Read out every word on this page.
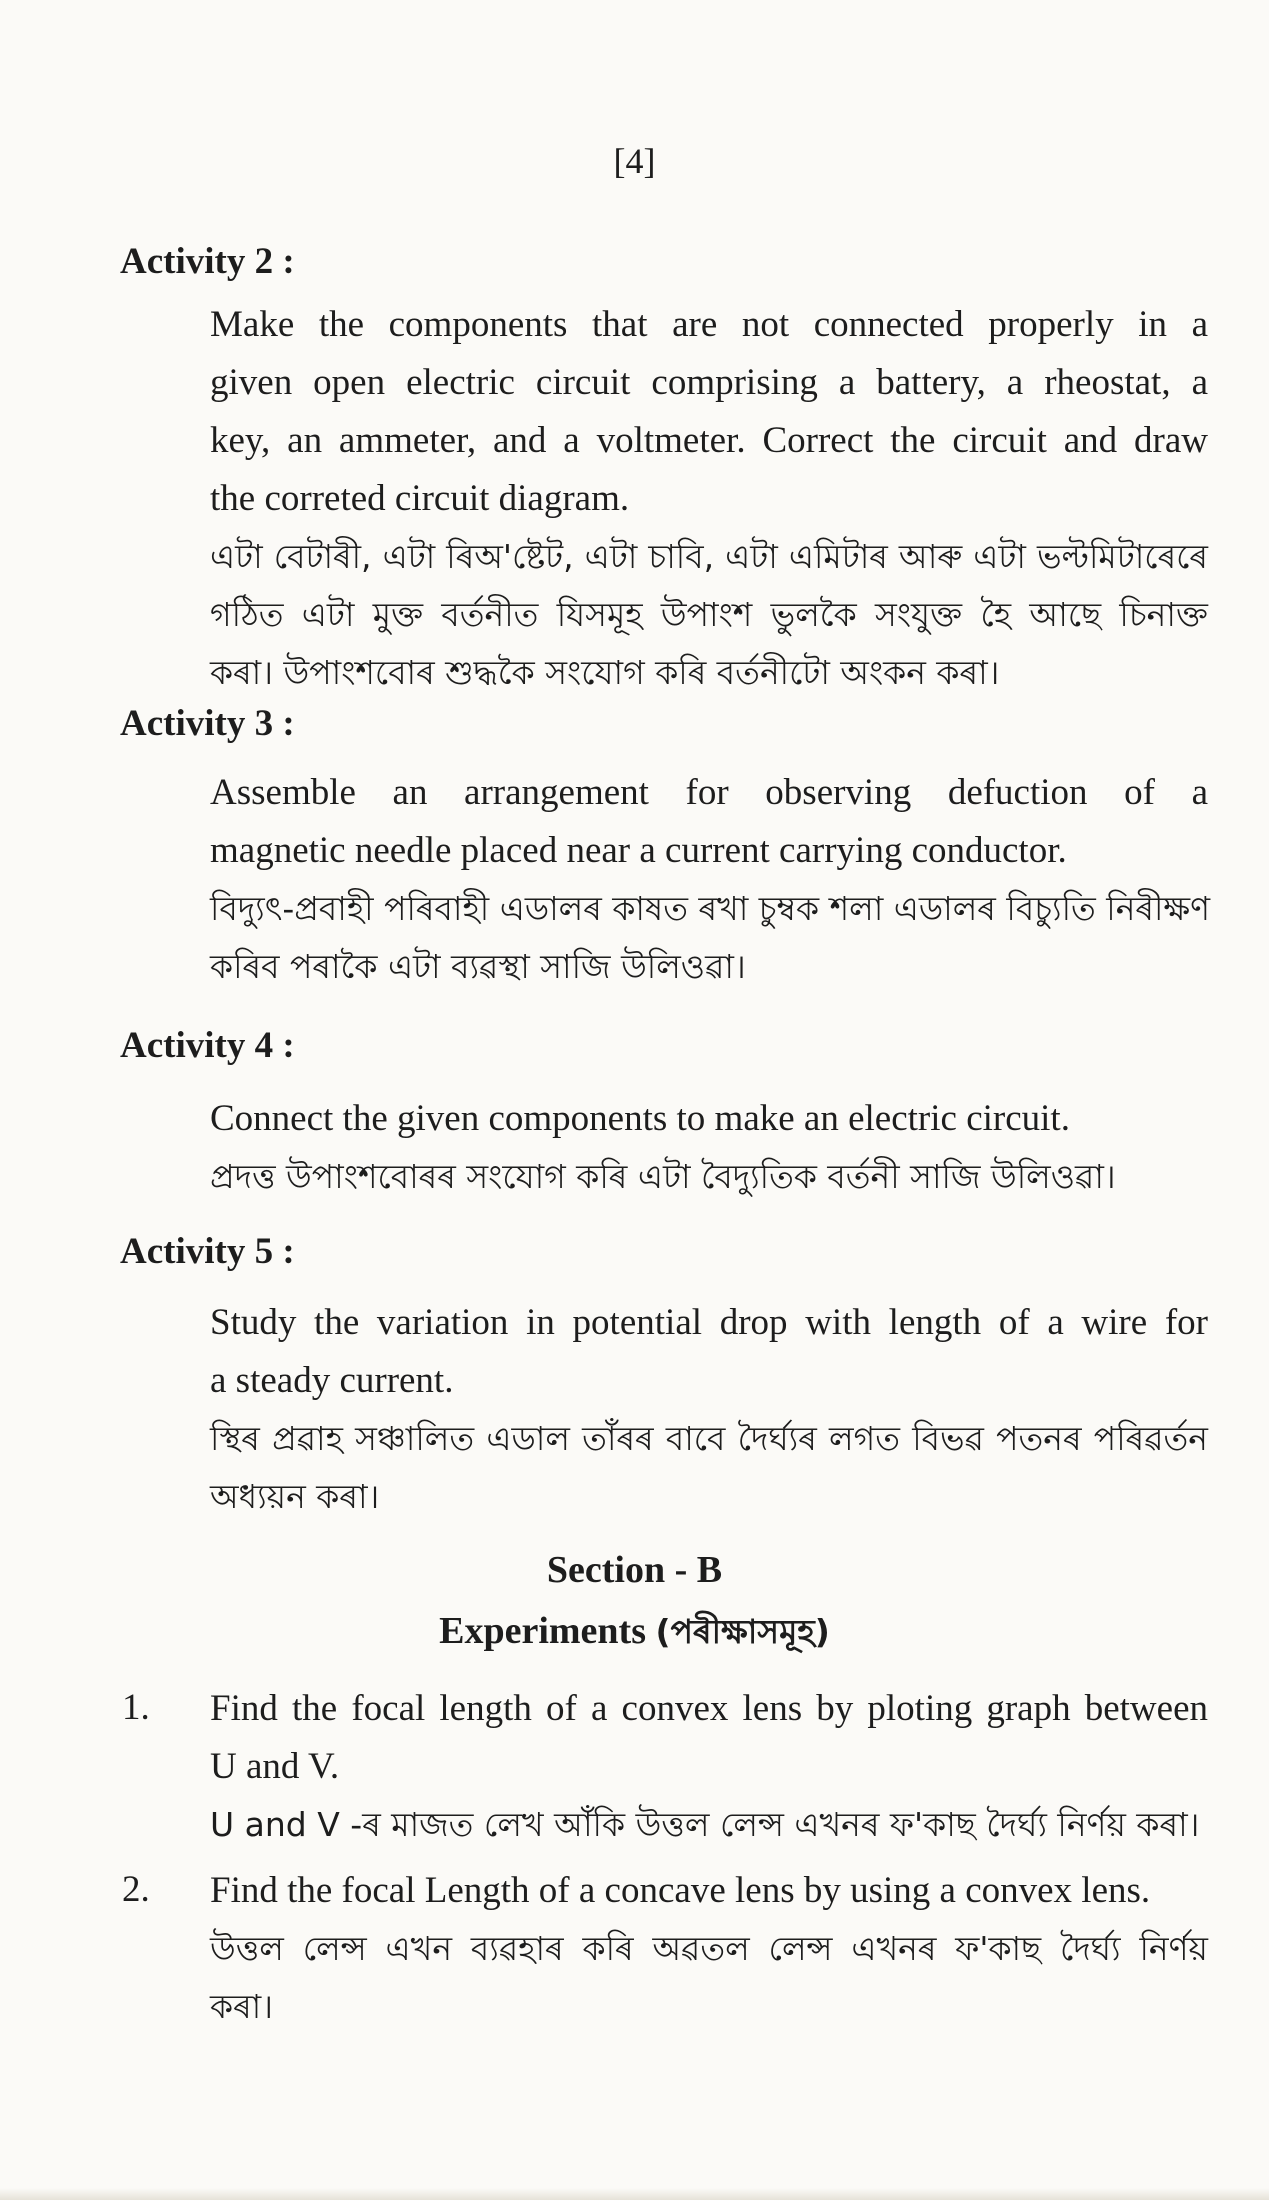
[4]
Activity 2 :
Make the components that are not connected properly in a
given open electric circuit comprising a battery, a rheostat, a
key, an ammeter, and a voltmeter. Correct the circuit and draw
the correted circuit diagram.
এটা বেটাৰী, এটা ৰিঅ'ষ্টেট, এটা চাবি, এটা এমিটাৰ আৰু এটা ভল্টমিটাৰেৰে
গঠিত এটা মুক্ত বৰ্তনীত যিসমূহ উপাংশ ভুলকৈ সংযুক্ত হৈ আছে চিনাক্ত
কৰা। উপাংশবোৰ শুদ্ধকৈ সংযোগ কৰি বৰ্তনীটো অংকন কৰা।
Activity 3 :
Assemble an arrangement for observing defuction of a
magnetic needle placed near a current carrying conductor.
বিদ্যুৎ-প্ৰবাহী পৰিবাহী এডালৰ কাষত ৰখা চুম্বক শলা এডালৰ বিচ্যুতি নিৰীক্ষণ
কৰিব পৰাকৈ এটা ব্যৱস্থা সাজি উলিওৱা।
Activity 4 :
Connect the given components to make an electric circuit.
প্ৰদত্ত উপাংশবোৰৰ সংযোগ কৰি এটা বৈদ্যুতিক বৰ্তনী সাজি উলিওৱা।
Activity 5 :
Study the variation in potential drop with length of a wire for
a steady current.
স্থিৰ প্ৰৱাহ সঞ্চালিত এডাল তাঁৰৰ বাবে দৈৰ্ঘ্যৰ লগত বিভৱ পতনৰ পৰিৱৰ্তন
অধ্যয়ন কৰা।
Section - B
Experiments (পৰীক্ষাসমূহ)
1. Find the focal length of a convex lens by ploting graph between
U and V.
U and V -ৰ মাজত লেখ আঁকি উত্তল লেন্স এখনৰ ফ'কাছ দৈৰ্ঘ্য নিৰ্ণয় কৰা।
2. Find the focal Length of a concave lens by using a convex lens.
উত্তল লেন্স এখন ব্যৱহাৰ কৰি অৱতল লেন্স এখনৰ ফ'কাছ দৈৰ্ঘ্য নিৰ্ণয়
কৰা।
